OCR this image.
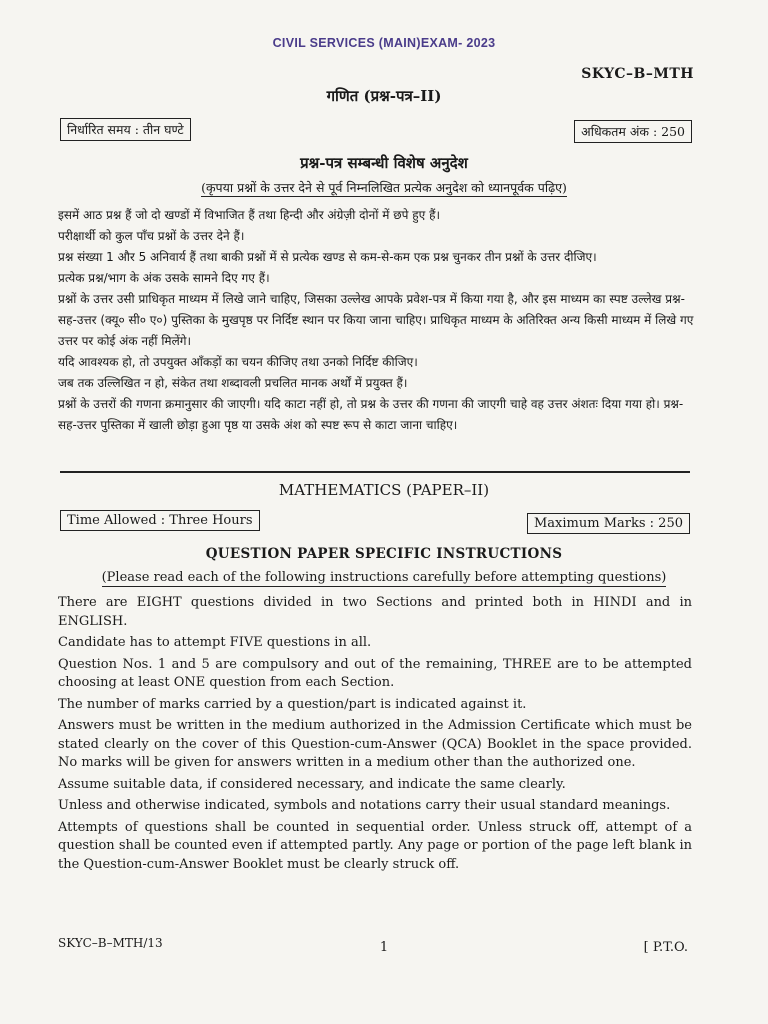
CIVIL SERVICES (MAIN)EXAM- 2023
SKYC–B–MTH
गणित (प्रश्न-पत्र–II)
निर्धारित समय : तीन घण्टे	अधिकतम अंक : 250
प्रश्न-पत्र सम्बन्धी विशेष अनुदेश
(कृपया प्रश्नों के उत्तर देने से पूर्व निम्नलिखित प्रत्येक अनुदेश को ध्यानपूर्वक पढ़िए)

इसमें आठ प्रश्न हैं जो दो खण्डों में विभाजित हैं तथा हिन्दी और अंग्रेज़ी दोनों में छपे हुए हैं।

परीक्षार्थी को कुल पाँच प्रश्नों के उत्तर देने हैं।

प्रश्न संख्या 1 और 5 अनिवार्य हैं तथा बाकी प्रश्नों में से प्रत्येक खण्ड से कम-से-कम एक प्रश्न चुनकर तीन प्रश्नों के उत्तर दीजिए।

प्रत्येक प्रश्न/भाग के अंक उसके सामने दिए गए हैं।

प्रश्नों के उत्तर उसी प्राधिकृत माध्यम में लिखे जाने चाहिए, जिसका उल्लेख आपके प्रवेश-पत्र में किया गया है, और इस माध्यम का स्पष्ट उल्लेख प्रश्न-सह-उत्तर (क्यू० सी० ए०) पुस्तिका के मुखपृष्ठ पर निर्दिष्ट स्थान पर किया जाना चाहिए। प्राधिकृत माध्यम के अतिरिक्त अन्य किसी माध्यम में लिखे गए उत्तर पर कोई अंक नहीं मिलेंगे।

यदि आवश्यक हो, तो उपयुक्त आँकड़ों का चयन कीजिए तथा उनको निर्दिष्ट कीजिए।

जब तक उल्लिखित न हो, संकेत तथा शब्दावली प्रचलित मानक अर्थों में प्रयुक्त हैं।

प्रश्नों के उत्तरों की गणना क्रमानुसार की जाएगी। यदि काटा नहीं हो, तो प्रश्न के उत्तर की गणना की जाएगी चाहे वह उत्तर अंशतः दिया गया हो। प्रश्न-सह-उत्तर पुस्तिका में खाली छोड़ा हुआ पृष्ठ या उसके अंश को स्पष्ट रूप से काटा जाना चाहिए।

MATHEMATICS (PAPER–II)
Time Allowed : Three Hours	Maximum Marks : 250
QUESTION PAPER SPECIFIC INSTRUCTIONS
(Please read each of the following instructions carefully before attempting questions)

There are EIGHT questions divided in two Sections and printed both in HINDI and in ENGLISH.

Candidate has to attempt FIVE questions in all.

Question Nos. 1 and 5 are compulsory and out of the remaining, THREE are to be attempted choosing at least ONE question from each Section.

The number of marks carried by a question/part is indicated against it.

Answers must be written in the medium authorized in the Admission Certificate which must be stated clearly on the cover of this Question-cum-Answer (QCA) Booklet in the space provided. No marks will be given for answers written in a medium other than the authorized one.

Assume suitable data, if considered necessary, and indicate the same clearly.

Unless and otherwise indicated, symbols and notations carry their usual standard meanings.

Attempts of questions shall be counted in sequential order. Unless struck off, attempt of a question shall be counted even if attempted partly. Any page or portion of the page left blank in the Question-cum-Answer Booklet must be clearly struck off.

SKYC–B–MTH/13	1	[ P.T.O.
